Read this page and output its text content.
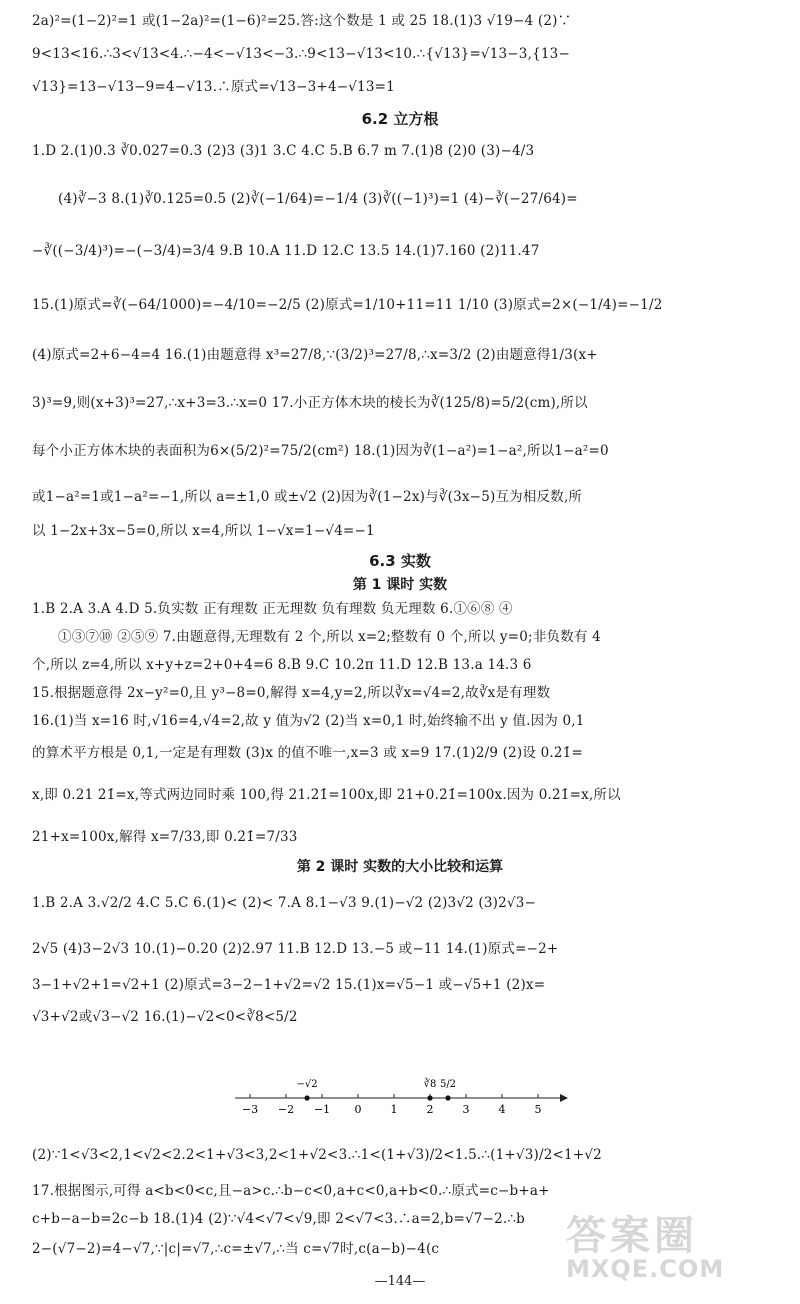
2a)²=(1−2)²=1 或(1−2a)²=(1−6)²=25.答:这个数是 1 或 25 18.(1)3 √19−4 (2)∵
9<13<16.∴3<√13<4.∴−4<−√13<−3.∴9<13−√13<10.∴{√13}=√13−3,{13−
√13}=13−√13−9=4−√13.∴原式=√13−3+4−√13=1
6.2 立方根
1.D 2.(1)0.3 ∛0.027=0.3 (2)3 (3)1 3.C 4.C 5.B 6.7 m 7.(1)8 (2)0 (3)−4/3
(4)∛−3 8.(1)∛0.125=0.5 (2)∛(−1/64)=−1/4 (3)∛((−1)³)=1 (4)−∛(−27/64)=
−∛((−3/4)³)=−(−3/4)=3/4 9.B 10.A 11.D 12.C 13.5 14.(1)7.160 (2)11.47
15.(1)原式=∛(−64/1000)=−4/10=−2/5 (2)原式=1/10+11=11 1/10 (3)原式=2×(−1/4)=−1/2
(4)原式=2+6−4=4 16.(1)由题意得 x³=27/8,∵(3/2)³=27/8,∴x=3/2 (2)由题意得1/3(x+
3)³=9,则(x+3)³=27,∴x+3=3.∴x=0 17.小正方体木块的棱长为∛(125/8)=5/2(cm),所以
每个小正方体木块的表面积为6×(5/2)²=75/2(cm²) 18.(1)因为∛(1−a²)=1−a²,所以1−a²=0
或1−a²=1或1−a²=−1,所以 a=±1,0 或±√2 (2)因为∛(1−2x)与∛(3x−5)互为相反数,所
以 1−2x+3x−5=0,所以 x=4,所以 1−√x=1−√4=−1
6.3 实数
第 1 课时 实数
1.B 2.A 3.A 4.D 5.负实数 正有理数 正无理数 负有理数 负无理数 6.①⑥⑧ ④
①③⑦⑩ ②⑤⑨ 7.由题意得,无理数有 2 个,所以 x=2;整数有 0 个,所以 y=0;非负数有 4
个,所以 z=4,所以 x+y+z=2+0+4=6 8.B 9.C 10.2π 11.D 12.B 13.a 14.3 6
15.根据题意得 2x−y²=0,且 y³−8=0,解得 x=4,y=2,所以∛x=√4=2,故∛x是有理数
16.(1)当 x=16 时,√16=4,√4=2,故 y 值为√2 (2)当 x=0,1 时,始终输不出 y 值.因为 0,1
的算术平方根是 0,1,一定是有理数 (3)x 的值不唯一,x=3 或 x=9 17.(1)2/9 (2)设 0.2̇1̇=
x,即 0.21 2̇1̇=x,等式两边同时乘 100,得 21.2̇1̇=100x,即 21+0.2̇1̇=100x.因为 0.2̇1̇=x,所以
21+x=100x,解得 x=7/33,即 0.2̇1̇=7/33
第 2 课时 实数的大小比较和运算
1.B 2.A 3.√2/2 4.C 5.C 6.(1)< (2)< 7.A 8.1−√3 9.(1)−√2 (2)3√2 (3)2√3−
2√5 (4)3−2√3 10.(1)−0.20 (2)2.97 11.B 12.D 13.−5 或−11 14.(1)原式=−2+
3−1+√2+1=√2+1 (2)原式=3−2−1+√2=√2 15.(1)x=√5−1 或−√5+1 (2)x=
√3+√2或√3−√2 16.(1)−√2<0<∛8<5/2
−3 −2 −1 0	1	2	3	4	5
−√2	∛8 5/2
(2)∵1<√3<2,1<√2<2.2<1+√3<3,2<1+√2<3.∴1<(1+√3)/2<1.5.∴(1+√3)/2<1+√2
17.根据图示,可得 a<b<0<c,且−a>c.∴b−c<0,a+c<0,a+b<0.∴原式=c−b+a+
c+b−a−b=2c−b 18.(1)4 (2)∵√4<√7<√9,即 2<√7<3.∴a=2,b=√7−2.∴b
2−(√7−2)=4−√7,∵|c|=√7,∴c=±√7,∴当 c=√7时,c(a−b)−4(c
—144—
答案圈
MXQE.COM
